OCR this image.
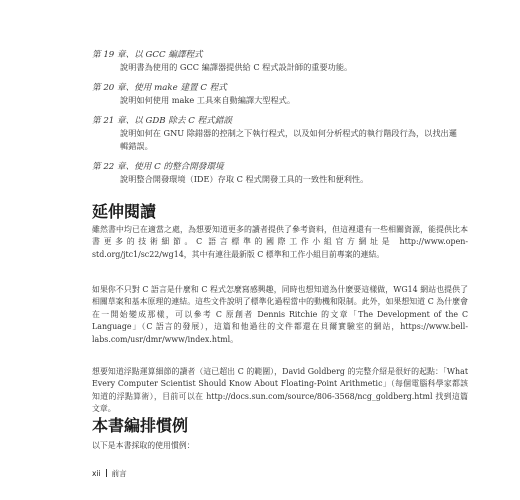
第 19 章、以 GCC 編譯程式
說明書為使用的 GCC 編譯器提供給 C 程式設計師的重要功能。
第 20 章、使用 make 建置 C 程式
說明如何使用 make 工具來自動編譯大型程式。
第 21 章、以 GDB 除去 C 程式錯誤
說明如何在 GNU 除錯器的控制之下執行程式，以及如何分析程式的執行階段行為，以找出邏輯錯誤。
第 22 章、使用 C 的整合開發環境
說明整合開發環境（IDE）存取 C 程式開發工具的一致性和便利性。
延伸閱讀
雖然書中均已在適當之處，為想要知道更多的讀者提供了參考資料，但這裡還有一些相關資源，能提供比本書更多的技術細節。C 語言標準的國際工作小組官方網址是 http://www.open-std.org/jtc1/sc22/wg14，其中有連往最新版 C 標準和工作小組目前專案的連結。
如果你不只對 C 語言是什麼和 C 程式怎麼寫感興趣，同時也想知道為什麼要這樣做，WG14 網站也提供了相關草案和基本原理的連結。這些文件說明了標準化過程當中的動機和限制。此外，如果想知道 C 為什麼會在一開始變成那樣，可以參考 C 原創者 Dennis Ritchie 的文章「The Development of the C Language」（C 語言的發展），這篇和他過往的文件都還在貝爾實驗室的網站，https://www.bell-labs.com/usr/dmr/www/index.html。
想要知道浮點運算細節的讀者（這已超出 C 的範圍），David Goldberg 的完整介紹是很好的起點：「What Every Computer Scientist Should Know About Floating-Point Arithmetic」（每個電腦科學家都該知道的浮點算術），目前可以在 http://docs.sun.com/source/806-3568/ncg_goldberg.html 找到這篇文章。
本書編排慣例
以下是本書採取的使用慣例：
xii 前言
